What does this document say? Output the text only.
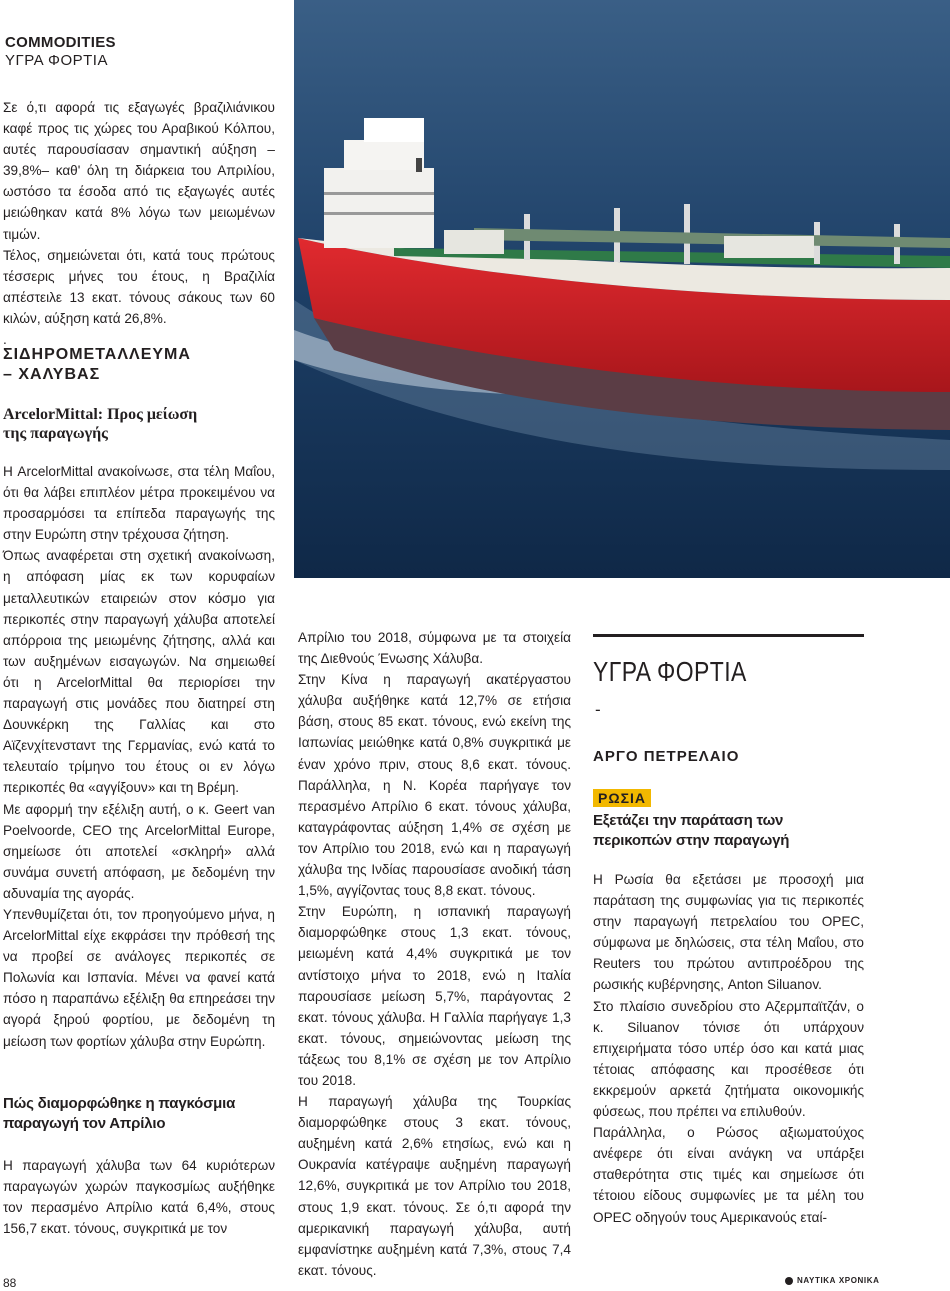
COMMODITIES
ΥΓΡΑ ΦΟΡΤΙΑ

Σε ό,τι αφορά τις εξαγωγές βραζιλιάνικου καφέ προς τις χώρες του Αραβικού Κόλπου, αυτές παρουσίασαν σημαντική αύξηση –39,8%– καθ' όλη τη διάρκεια του Απριλίου, ωστόσο τα έσοδα από τις εξαγωγές αυτές μειώθηκαν κατά 8% λόγω των μειωμένων τιμών.

Τέλος, σημειώνεται ότι, κατά τους πρώτους τέσσερις μήνες του έτους, η Βραζιλία απέστειλε 13 εκατ. τόνους σάκους των 60 κιλών, αύξηση κατά 26,8%.

.

ΣΙΔΗΡΟΜΕΤΑΛΛΕΥΜΑ
– ΧΑΛΥΒΑΣ
ArcelorMittal: Προς μείωση
της παραγωγής

Η ArcelorMittal ανακοίνωσε, στα τέλη Μαΐου, ότι θα λάβει επιπλέον μέτρα προκειμένου να προσαρμόσει τα επίπεδα παραγωγής της στην Ευρώπη στην τρέχουσα ζήτηση.

Όπως αναφέρεται στη σχετική ανακοίνωση, η απόφαση μίας εκ των κορυφαίων μεταλλευτικών εταιρειών στον κόσμο για περικοπές στην παραγωγή χάλυβα αποτελεί απόρροια της μειωμένης ζήτησης, αλλά και των αυξημένων εισαγωγών. Να σημειωθεί ότι η ArcelorMittal θα περιορίσει την παραγωγή στις μονάδες που διατηρεί στη Δουνκέρκη της Γαλλίας και στο Αϊζενχίτενσταντ της Γερμανίας, ενώ κατά το τελευταίο τρίμηνο του έτους οι εν λόγω περικοπές θα «αγγίξουν» και τη Βρέμη.

Με αφορμή την εξέλιξη αυτή, ο κ. Geert van Poelvoorde, CEO της ArcelorMittal Europe, σημείωσε ότι αποτελεί «σκληρή» αλλά συνάμα συνετή απόφαση, με δεδομένη την αδυναμία της αγοράς.

Υπενθυμίζεται ότι, τον προηγούμενο μήνα, η ArcelorMittal είχε εκφράσει την πρόθεσή της να προβεί σε ανάλογες περικοπές σε Πολωνία και Ισπανία. Μένει να φανεί κατά πόσο η παραπάνω εξέλιξη θα επηρεάσει την αγορά ξηρού φορτίου, με δεδομένη τη μείωση των φορτίων χάλυβα στην Ευρώπη.

Πώς διαμορφώθηκε η παγκόσμια
παραγωγή τον Απρίλιο

Η παραγωγή χάλυβα των 64 κυριότερων παραγωγών χωρών παγκοσμίως αυξήθηκε τον περασμένο Απρίλιο κατά 6,4%, στους 156,7 εκατ. τόνους, συγκριτικά με τον

Απρίλιο του 2018, σύμφωνα με τα στοιχεία της Διεθνούς Ένωσης Χάλυβα.

Στην Κίνα η παραγωγή ακατέργαστου χάλυβα αυξήθηκε κατά 12,7% σε ετήσια βάση, στους 85 εκατ. τόνους, ενώ εκείνη της Ιαπωνίας μειώθηκε κατά 0,8% συγκριτικά με έναν χρόνο πριν, στους 8,6 εκατ. τόνους. Παράλληλα, η Ν. Κορέα παρήγαγε τον περασμένο Απρίλιο 6 εκατ. τόνους χάλυβα, καταγράφοντας αύξηση 1,4% σε σχέση με τον Απρίλιο του 2018, ενώ και η παραγωγή χάλυβα της Ινδίας παρουσίασε ανοδική τάση 1,5%, αγγίζοντας τους 8,8 εκατ. τόνους.

Στην Ευρώπη, η ισπανική παραγωγή διαμορφώθηκε στους 1,3 εκατ. τόνους, μειωμένη κατά 4,4% συγκριτικά με τον αντίστοιχο μήνα το 2018, ενώ η Ιταλία παρουσίασε μείωση 5,7%, παράγοντας 2 εκατ. τόνους χάλυβα. Η Γαλλία παρήγαγε 1,3 εκατ. τόνους, σημειώνοντας μείωση της τάξεως του 8,1% σε σχέση με τον Απρίλιο του 2018.

Η παραγωγή χάλυβα της Τουρκίας διαμορφώθηκε στους 3 εκατ. τόνους, αυξημένη κατά 2,6% ετησίως, ενώ και η Ουκρανία κατέγραψε αυξημένη παραγωγή 12,6%, συγκριτικά με τον Απρίλιο του 2018, στους 1,9 εκατ. τόνους. Σε ό,τι αφορά την αμερικανική παραγωγή χάλυβα, αυτή εμφανίστηκε αυξημένη κατά 7,3%, στους 7,4 εκατ. τόνους.

ΥΓΡΑ ΦΟΡΤΙΑ
-
ΑΡΓΟ ΠΕΤΡΕΛΑΙΟ
ΡΩΣΙΑ
Εξετάζει την παράταση των
περικοπών στην παραγωγή

Η Ρωσία θα εξετάσει με προσοχή μια παράταση της συμφωνίας για τις περικοπές στην παραγωγή πετρελαίου του OPEC, σύμφωνα με δηλώσεις, στα τέλη Μαΐου, στο Reuters του πρώτου αντιπροέδρου της ρωσικής κυβέρνησης, Anton Siluanov.

Στο πλαίσιο συνεδρίου στο Αζερμπαϊτζάν, ο κ. Siluanov τόνισε ότι υπάρχουν επιχειρήματα τόσο υπέρ όσο και κατά μιας τέτοιας απόφασης και προσέθεσε ότι εκκρεμούν αρκετά ζητήματα οικονομικής φύσεως, που πρέπει να επιλυθούν.

Παράλληλα, ο Ρώσος αξιωματούχος ανέφερε ότι είναι ανάγκη να υπάρξει σταθερότητα στις τιμές και σημείωσε ότι τέτοιου είδους συμφωνίες με τα μέλη του OPEC οδηγούν τους Αμερικανούς εταί-

88	ΝΑΥΤΙΚΑ ΧΡΟΝΙΚΑ
